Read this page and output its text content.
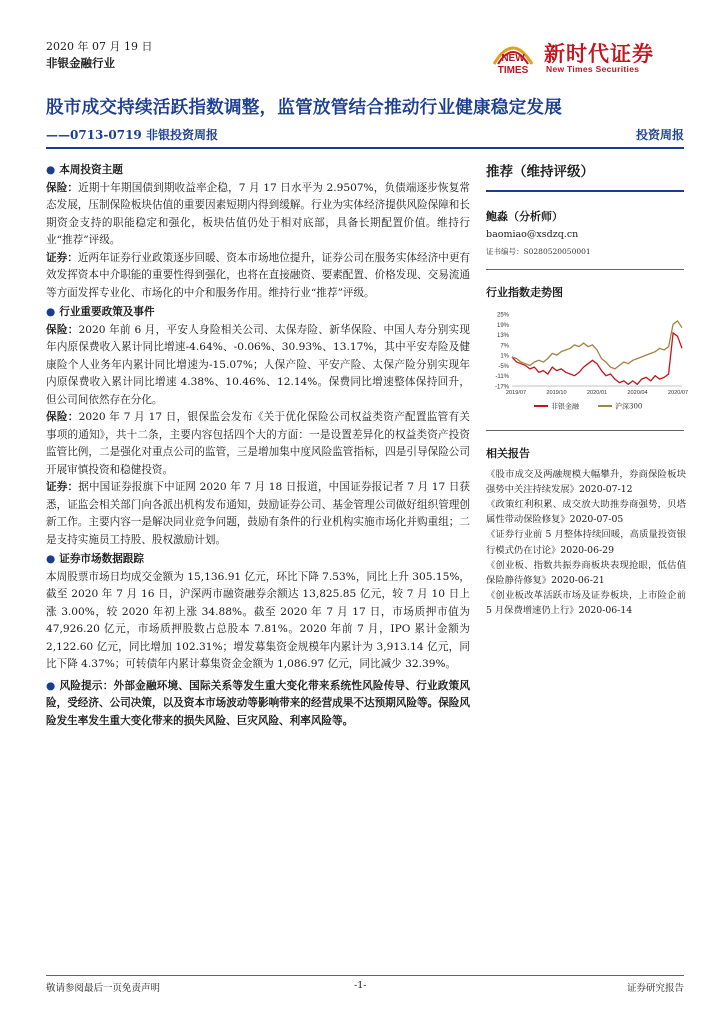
2020 年 07 月 19 日
非银金融行业	NEW
TIMES
新时代证券
New Times Securities
股市成交持续活跃指数调整，监管放管结合推动行业健康稳定发展
——0713-0719 非银投资周报	投资周报
● 本周投资主题

保险：近期十年期国债到期收益率企稳，7 月 17 日水平为 2.9507%，负债端逐步恢复常态发展，压制保险板块估值的重要因素短期内得到缓解。行业为实体经济提供风险保障和长期资金支持的职能稳定和强化，板块估值仍处于相对底部，具备长期配置价值。维持行业“推荐”评级。

证券：近两年证券行业政策逐步回暖、资本市场地位提升，证券公司在服务实体经济中更有效发挥资本中介职能的重要性得到强化，也将在直接融资、要素配置、价格发现、交易流通等方面发挥专业化、市场化的中介和服务作用。维持行业“推荐”评级。

● 行业重要政策及事件

保险：2020 年前 6 月，平安人身险相关公司、太保寿险、新华保险、中国人寿分别实现年内原保费收入累计同比增速-4.64%、-0.06%、30.93%、13.17%，其中平安寿险及健康险个人业务年内累计同比增速为-15.07%；人保产险、平安产险、太保产险分别实现年内原保费收入累计同比增速 4.38%、10.46%、12.14%。保费同比增速整体保持回升，但公司间依然存在分化。

保险：2020 年 7 月 17 日，银保监会发布《关于优化保险公司权益类资产配置监管有关事项的通知》，共十二条，主要内容包括四个大的方面：一是设置差异化的权益类资产投资监管比例，二是强化对重点公司的监管，三是增加集中度风险监管指标，四是引导保险公司开展审慎投资和稳健投资。

证券：据中国证券报旗下中证网 2020 年 7 月 18 日报道，中国证券报记者 7 月 17 日获悉，证监会相关部门向各派出机构发布通知，鼓励证券公司、基金管理公司做好组织管理创新工作。主要内容一是解决同业竞争问题，鼓励有条件的行业机构实施市场化并购重组；二是支持实施员工持股、股权激励计划。

● 证券市场数据跟踪

本周股票市场日均成交金额为 15,136.91 亿元，环比下降 7.53%，同比上升 305.15%，截至 2020 年 7 月 16 日，沪深两市融资融券余额达 13,825.85 亿元，较 7 月 10 日上涨 3.00%，较 2020 年初上涨 34.88%。截至 2020 年 7 月 17 日，市场质押市值为 47,926.20 亿元，市场质押股数占总股本 7.81%。2020 年前 7 月，IPO 累计金额为 2,122.60 亿元，同比增加 102.31%；增发募集资金规模年内累计为 3,913.14 亿元，同比下降 4.37%；可转债年内累计募集资金金额为 1,086.97 亿元，同比减少 32.39%。

● 风险提示：外部金融环境、国际关系等发生重大变化带来系统性风险传导、行业政策风险，受经济、公司决策，以及资本市场波动等影响带来的经营成果不达预期风险等。保险风险发生率发生重大变化带来的损失风险、巨灾风险、利率风险等。

推荐（维持评级）
鲍淼（分析师）
baomiao@xsdzq.cn
证书编号：S0280520050001
行业指数走势图
25%
19%
13%
7%
1%
-5%
-11%
-17%
2019/07	2019/10	2020/01	2020/04	2020/07
非银金融	沪深300
相关报告
《股市成交及两融规模大幅攀升，券商保险板块强势中关注持续发展》2020-07-12
《政策红利积累、成交放大助推券商强势，贝塔属性带动保险修复》2020-07-05
《证券行业前 5 月整体持续回暖，高质量投资银行模式仍在讨论》2020-06-29
《创业板、指数共振券商板块表现抢眼，低估值保险静待修复》2020-06-21
《创业板改革活跃市场及证券板块，上市险企前 5 月保费增速仍上行》2020-06-14
敬请参阅最后一页免责声明	-1-	证券研究报告
